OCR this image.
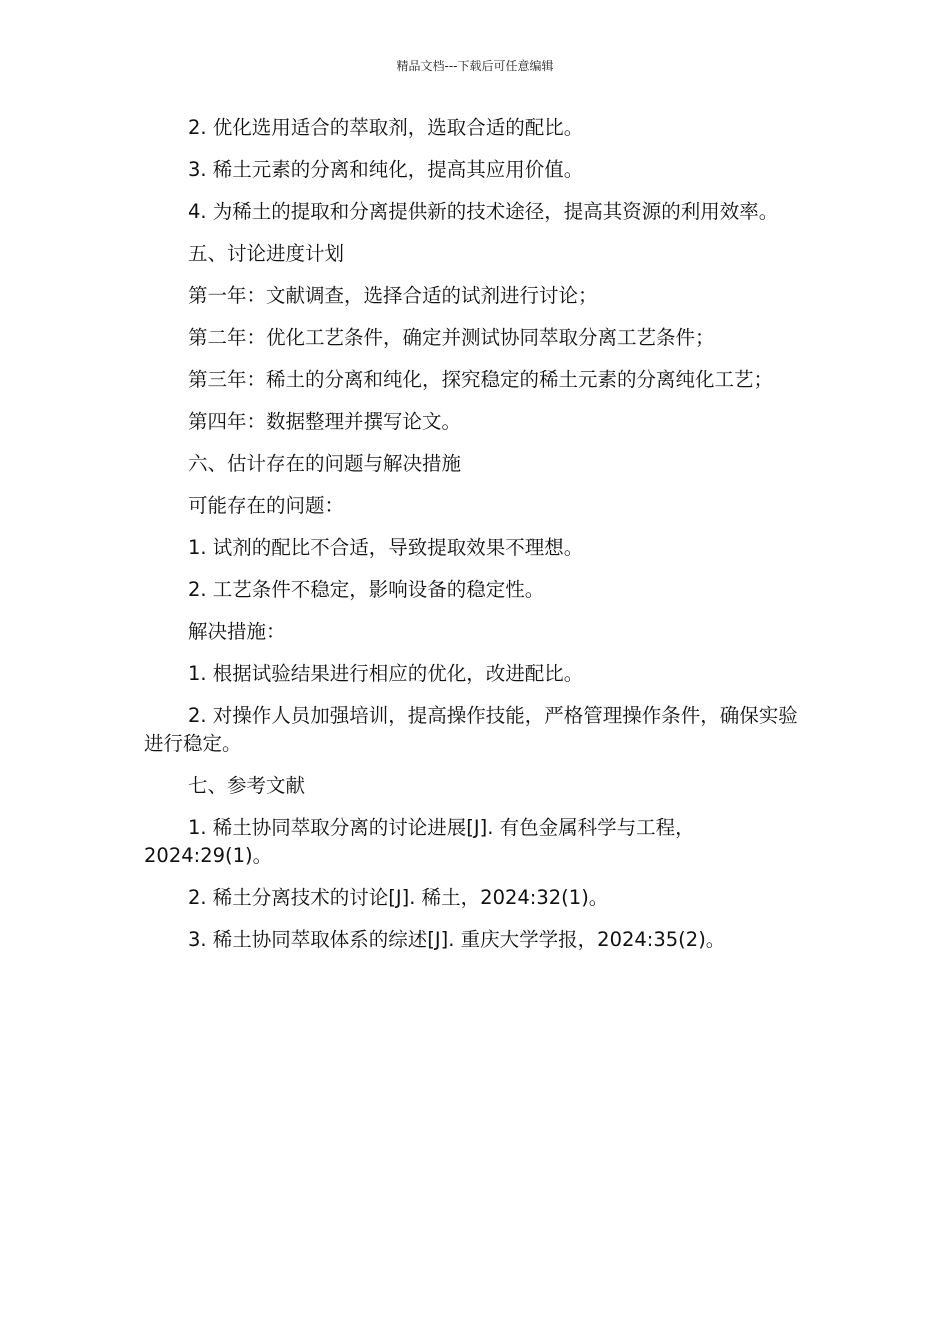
精品文档---下载后可任意编辑

2. 优化选用适合的萃取剂，选取合适的配比。

3. 稀土元素的分离和纯化，提高其应用价值。

4. 为稀土的提取和分离提供新的技术途径，提高其资源的利用效率。

五、讨论进度计划

第一年：文献调查，选择合适的试剂进行讨论；

第二年：优化工艺条件，确定并测试协同萃取分离工艺条件；

第三年：稀土的分离和纯化，探究稳定的稀土元素的分离纯化工艺；

第四年：数据整理并撰写论文。

六、估计存在的问题与解决措施

可能存在的问题：

1. 试剂的配比不合适，导致提取效果不理想。

2. 工艺条件不稳定，影响设备的稳定性。

解决措施：

1. 根据试验结果进行相应的优化，改进配比。

2. 对操作人员加强培训，提高操作技能，严格管理操作条件，确保实验进行稳定。

七、参考文献

1. 稀土协同萃取分离的讨论进展[J]. 有色金属科学与工程，2024:29(1)。

2. 稀土分离技术的讨论[J]. 稀土，2024:32(1)。

3. 稀土协同萃取体系的综述[J]. 重庆大学学报，2024:35(2)。
